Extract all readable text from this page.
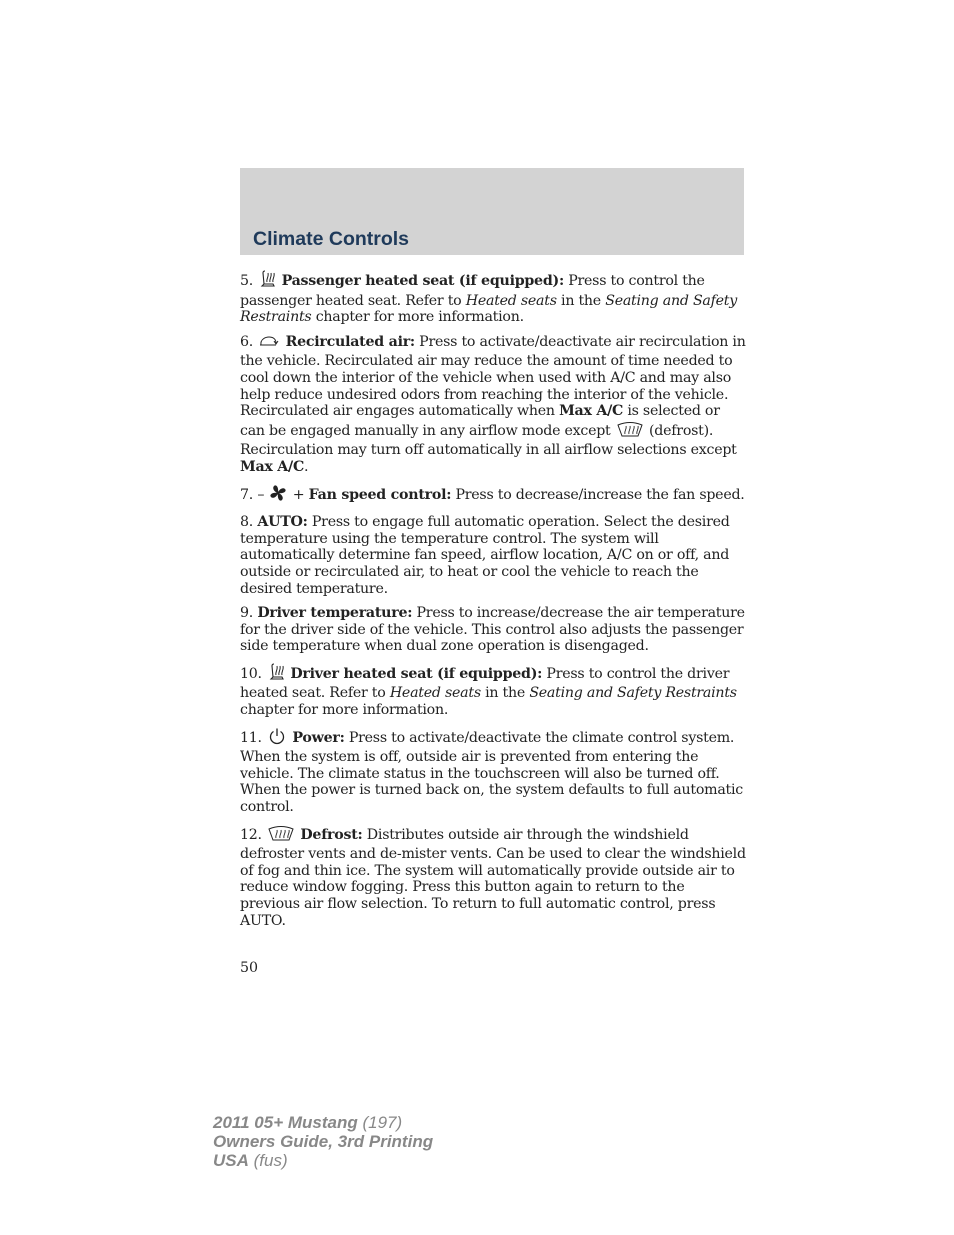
Climate Controls

5. Passenger heated seat (if equipped): Press to control the passenger heated seat. Refer to Heated seats in the Seating and Safety Restraints chapter for more information.

6. Recirculated air: Press to activate/deactivate air recirculation in the vehicle. Recirculated air may reduce the amount of time needed to cool down the interior of the vehicle when used with A/C and may also help reduce undesired odors from reaching the interior of the vehicle. Recirculated air engages automatically when Max A/C is selected or can be engaged manually in any airflow mode except  (defrost). Recirculation may turn off automatically in all airflow selections except Max A/C.

7. – + Fan speed control: Press to decrease/increase the fan speed.

8. AUTO: Press to engage full automatic operation. Select the desired temperature using the temperature control. The system will automatically determine fan speed, airflow location, A/C on or off, and outside or recirculated air, to heat or cool the vehicle to reach the desired temperature.

9. Driver temperature: Press to increase/decrease the air temperature for the driver side of the vehicle. This control also adjusts the passenger side temperature when dual zone operation is disengaged.

10. Driver heated seat (if equipped): Press to control the driver heated seat. Refer to Heated seats in the Seating and Safety Restraints chapter for more information.

11. Power: Press to activate/deactivate the climate control system. When the system is off, outside air is prevented from entering the vehicle. The climate status in the touchscreen will also be turned off. When the power is turned back on, the system defaults to full automatic control.

12.	Defrost: Distributes outside air through the windshield defroster vents and de-mister vents. Can be used to clear the windshield of fog and thin ice. The system will automatically provide outside air to reduce window fogging. Press this button again to return to the previous air flow selection. To return to full automatic control, press AUTO.

50
2011 05+ Mustang (197)
Owners Guide, 3rd Printing
USA (fus)
